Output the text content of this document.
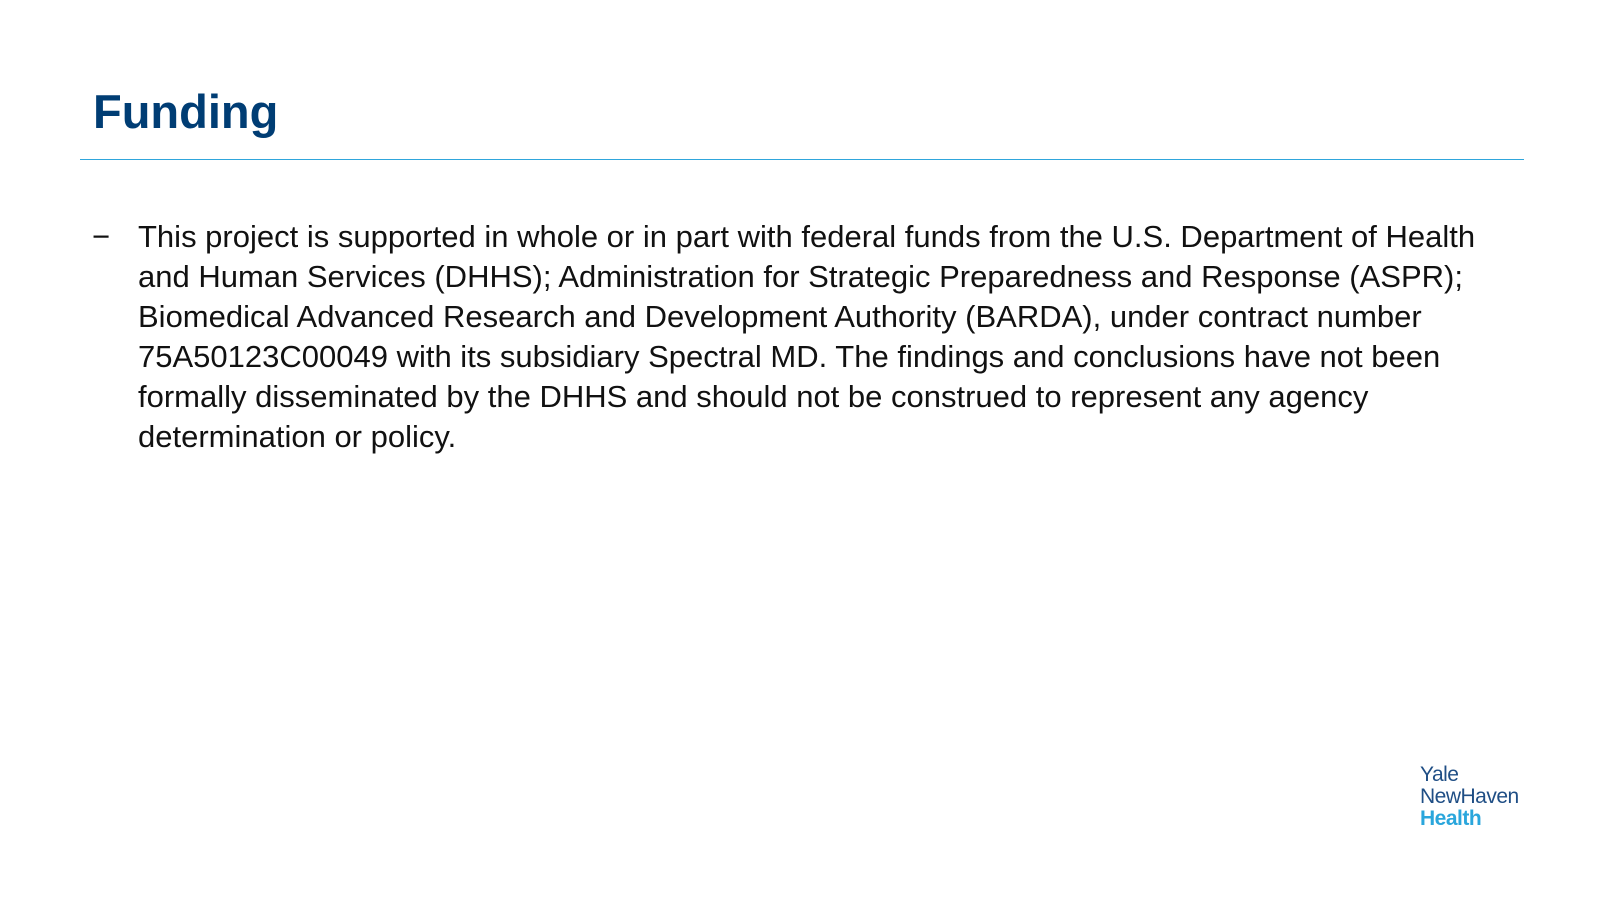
Funding
− This project is supported in whole or in part with federal funds from the U.S. Department of Health and Human Services (DHHS); Administration for Strategic Preparedness and Response (ASPR); Biomedical Advanced Research and Development Authority (BARDA), under contract number 75A50123C00049 with its subsidiary Spectral MD. The findings and conclusions have not been formally disseminated by the DHHS and should not be construed to represent any agency determination or policy.
Yale
NewHaven
Health
